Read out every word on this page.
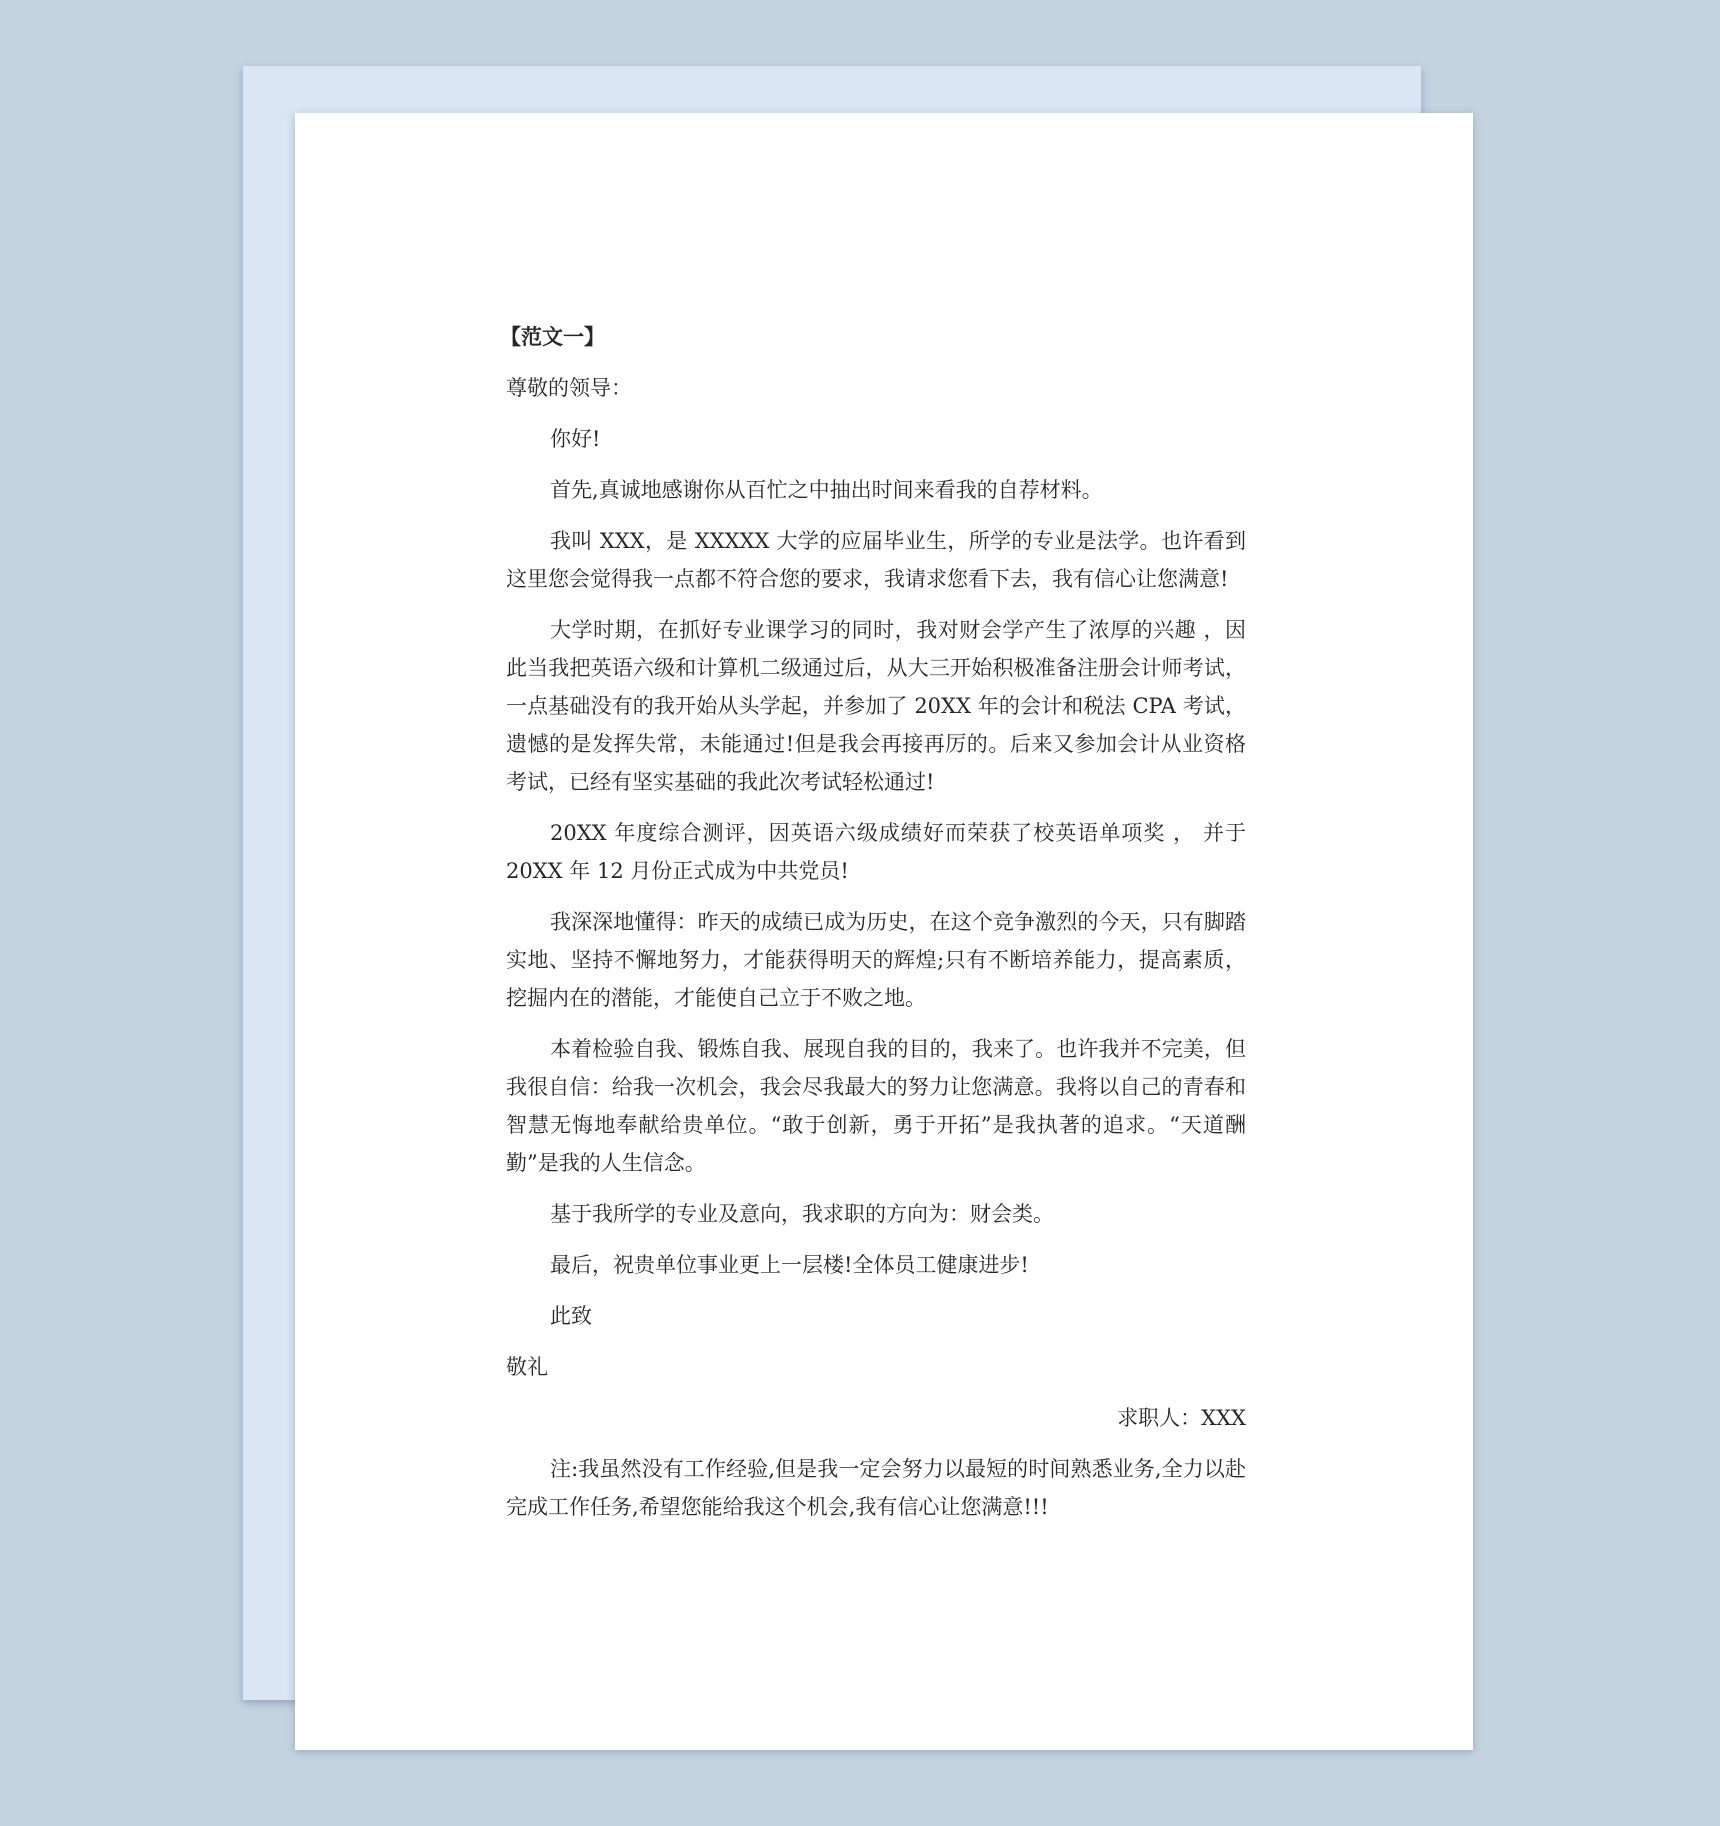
【范文一】

尊敬的领导：

你好!

首先,真诚地感谢你从百忙之中抽出时间来看我的自荐材料。

我叫 XXX，是 XXXXX 大学的应届毕业生，所学的专业是法学。也许看到这里您会觉得我一点都不符合您的要求，我请求您看下去，我有信心让您满意!

大学时期，在抓好专业课学习的同时，我对财会学产生了浓厚的兴趣 ，因此当我把英语六级和计算机二级通过后，从大三开始积极准备注册会计师考试，一点基础没有的我开始从头学起，并参加了 20XX 年的会计和税法 CPA 考试，遗憾的是发挥失常，未能通过!但是我会再接再厉的。后来又参加会计从业资格考试，已经有坚实基础的我此次考试轻松通过!

20XX 年度综合测评，因英语六级成绩好而荣获了校英语单项奖 ， 并于 20XX 年 12 月份正式成为中共党员!

我深深地懂得：昨天的成绩已成为历史，在这个竞争激烈的今天，只有脚踏实地、坚持不懈地努力，才能获得明天的辉煌;只有不断培养能力，提高素质，挖掘内在的潜能，才能使自己立于不败之地。

本着检验自我、锻炼自我、展现自我的目的，我来了。也许我并不完美，但我很自信：给我一次机会，我会尽我最大的努力让您满意。我将以自己的青春和智慧无悔地奉献给贵单位。“敢于创新，勇于开拓”是我执著的追求。“天道酬勤”是我的人生信念。

基于我所学的专业及意向，我求职的方向为：财会类。

最后，祝贵单位事业更上一层楼!全体员工健康进步!

此致

敬礼

求职人：XXX

注:我虽然没有工作经验,但是我一定会努力以最短的时间熟悉业务,全力以赴完成工作任务,希望您能给我这个机会,我有信心让您满意!!!
